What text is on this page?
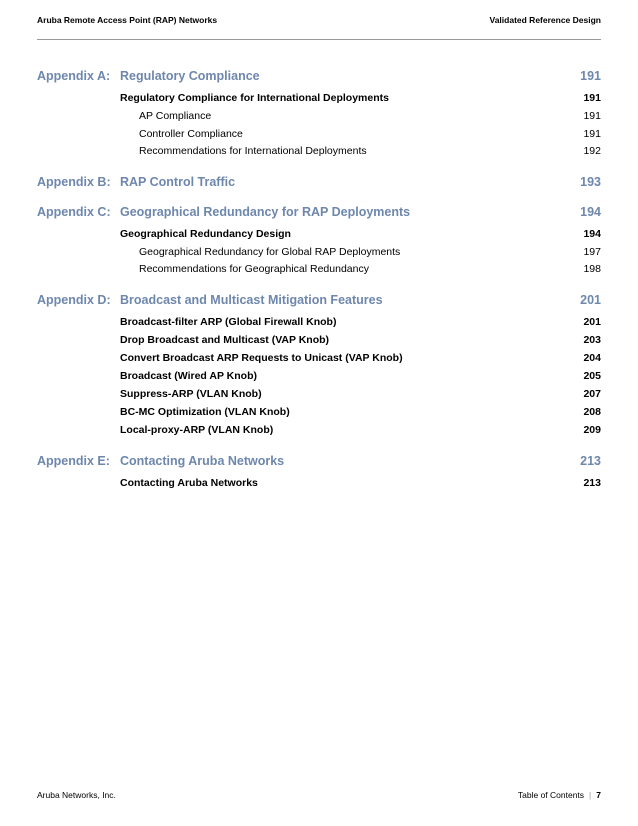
Aruba Remote Access Point (RAP) Networks	Validated Reference Design
Appendix A: Regulatory Compliance	191
Regulatory Compliance for International Deployments	191
AP Compliance	191
Controller Compliance	191
Recommendations for International Deployments	192
Appendix B: RAP Control Traffic	193
Appendix C: Geographical Redundancy for RAP Deployments	194
Geographical Redundancy Design	194
Geographical Redundancy for Global RAP Deployments	197
Recommendations for Geographical Redundancy	198
Appendix D: Broadcast and Multicast Mitigation Features	201
Broadcast-filter ARP (Global Firewall Knob)	201
Drop Broadcast and Multicast (VAP Knob)	203
Convert Broadcast ARP Requests to Unicast (VAP Knob)	204
Broadcast (Wired AP Knob)	205
Suppress-ARP (VLAN Knob)	207
BC-MC Optimization (VLAN Knob)	208
Local-proxy-ARP (VLAN Knob)	209
Appendix E: Contacting Aruba Networks	213
Contacting Aruba Networks	213
Aruba Networks, Inc.	Table of Contents | 7
